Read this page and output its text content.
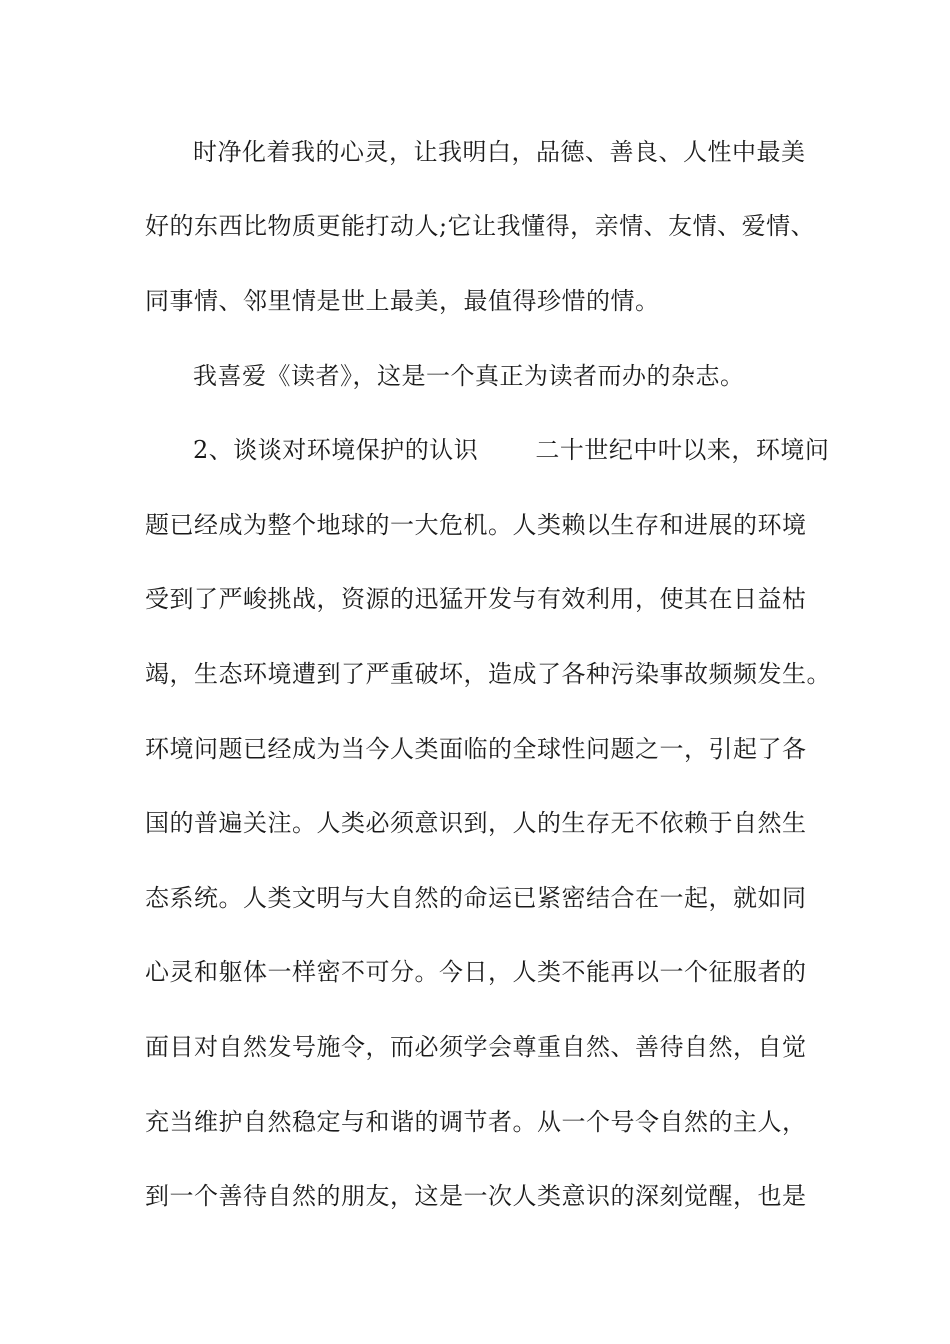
时净化着我的心灵，让我明白，品德、善良、人性中最美
好的东西比物质更能打动人;它让我懂得，亲情、友情、爱情、
同事情、邻里情是世上最美，最值得珍惜的情。
我喜爱《读者》，这是一个真正为读者而办的杂志。
2、谈谈对环境保护的认识　　 二十世纪中叶以来，环境问
题已经成为整个地球的一大危机。人类赖以生存和进展的环境
受到了严峻挑战，资源的迅猛开发与有效利用，使其在日益枯
竭，生态环境遭到了严重破坏，造成了各种污染事故频频发生。
环境问题已经成为当今人类面临的全球性问题之一，引起了各
国的普遍关注。人类必须意识到，人的生存无不依赖于自然生
态系统。人类文明与大自然的命运已紧密结合在一起，就如同
心灵和躯体一样密不可分。今日，人类不能再以一个征服者的
面目对自然发号施令，而必须学会尊重自然、善待自然，自觉
充当维护自然稳定与和谐的调节者。从一个号令自然的主人，
到一个善待自然的朋友，这是一次人类意识的深刻觉醒，也是
